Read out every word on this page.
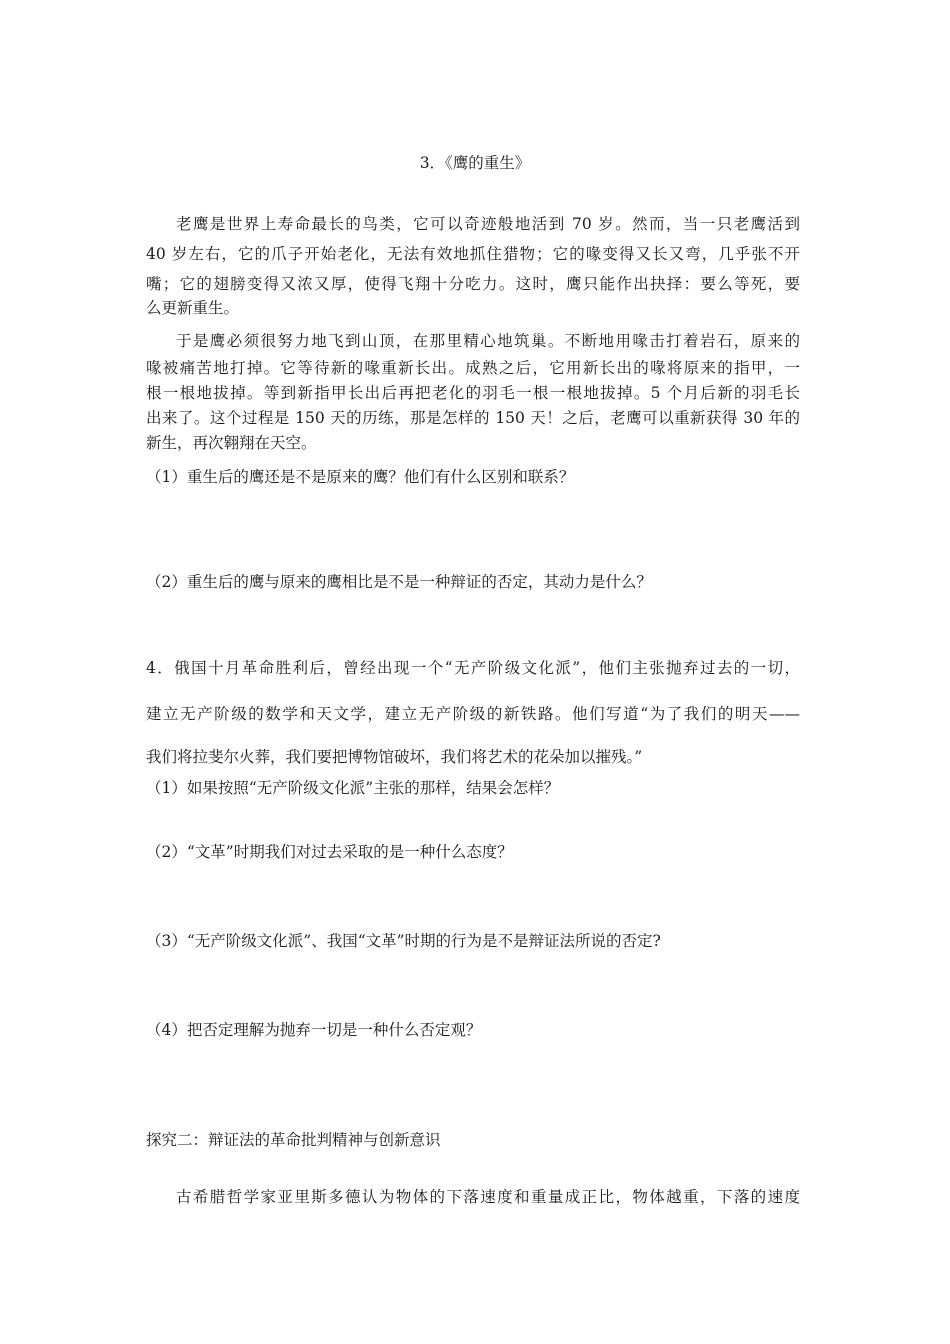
3．《鹰的重生》
老鹰是世界上寿命最长的鸟类，它可以奇迹般地活到 70 岁。然而，当一只老鹰活到
40 岁左右，它的爪子开始老化，无法有效地抓住猎物；它的喙变得又长又弯，几乎张不开
嘴；它的翅膀变得又浓又厚，使得飞翔十分吃力。这时，鹰只能作出抉择：要么等死，要
么更新重生。
于是鹰必须很努力地飞到山顶，在那里精心地筑巢。不断地用喙击打着岩石，原来的
喙被痛苦地打掉。它等待新的喙重新长出。成熟之后，它用新长出的喙将原来的指甲，一
根一根地拔掉。等到新指甲长出后再把老化的羽毛一根一根地拔掉。5 个月后新的羽毛长
出来了。这个过程是 150 天的历练，那是怎样的 150 天！之后，老鹰可以重新获得 30 年的
新生，再次翱翔在天空。
（1）重生后的鹰还是不是原来的鹰？他们有什么区别和联系？
（2）重生后的鹰与原来的鹰相比是不是一种辩证的否定，其动力是什么？
4．俄国十月革命胜利后，曾经出现一个“无产阶级文化派”，他们主张抛弃过去的一切，
建立无产阶级的数学和天文学，建立无产阶级的新铁路。他们写道“为了我们的明天——
我们将拉斐尔火葬，我们要把博物馆破坏，我们将艺术的花朵加以摧残。”
（1）如果按照“无产阶级文化派”主张的那样，结果会怎样？
（2）“文革”时期我们对过去采取的是一种什么态度？
（3）“无产阶级文化派”、我国“文革”时期的行为是不是辩证法所说的否定?
（4）把否定理解为抛弃一切是一种什么否定观？
探究二：辩证法的革命批判精神与创新意识
古希腊哲学家亚里斯多德认为物体的下落速度和重量成正比，物体越重，下落的速度
